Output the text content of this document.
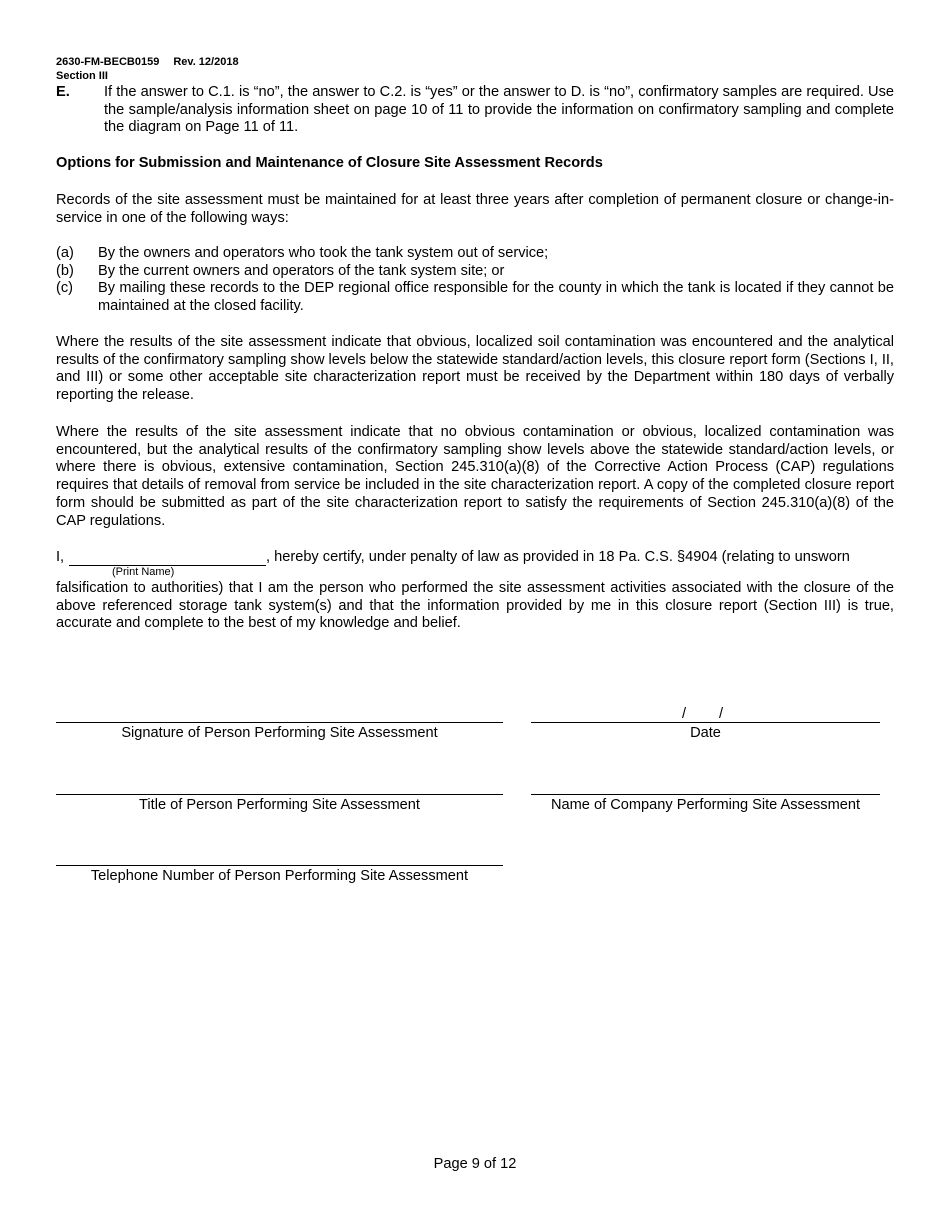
2630-FM-BECB0159 Rev. 12/2018
Section III
E. If the answer to C.1. is “no”, the answer to C.2. is “yes” or the answer to D. is “no”, confirmatory samples are required. Use the sample/analysis information sheet on page 10 of 11 to provide the information on confirmatory sampling and complete the diagram on Page 11 of 11.
Options for Submission and Maintenance of Closure Site Assessment Records
Records of the site assessment must be maintained for at least three years after completion of permanent closure or change-in-service in one of the following ways:
(a) By the owners and operators who took the tank system out of service;
(b) By the current owners and operators of the tank system site; or
(c) By mailing these records to the DEP regional office responsible for the county in which the tank is located if they cannot be maintained at the closed facility.
Where the results of the site assessment indicate that obvious, localized soil contamination was encountered and the analytical results of the confirmatory sampling show levels below the statewide standard/action levels, this closure report form (Sections I, II, and III) or some other acceptable site characterization report must be received by the Department within 180 days of verbally reporting the release.
Where the results of the site assessment indicate that no obvious contamination or obvious, localized contamination was encountered, but the analytical results of the confirmatory sampling show levels above the statewide standard/action levels, or where there is obvious, extensive contamination, Section 245.310(a)(8) of the Corrective Action Process (CAP) regulations requires that details of removal from service be included in the site characterization report. A copy of the completed closure report form should be submitted as part of the site characterization report to satisfy the requirements of Section 245.310(a)(8) of the CAP regulations.
I,	, hereby certify, under penalty of law as provided in 18 Pa. C.S. §4904 (relating to unsworn
(Print Name)
falsification to authorities) that I am the person who performed the site assessment activities associated with the closure of the above referenced storage tank system(s) and that the information provided by me in this closure report (Section III) is true, accurate and complete to the best of my knowledge and belief.
Signature of Person Performing Site Assessment
/ /
Date
Title of Person Performing Site Assessment	Name of Company Performing Site Assessment
Telephone Number of Person Performing Site Assessment
Page 9 of 12
